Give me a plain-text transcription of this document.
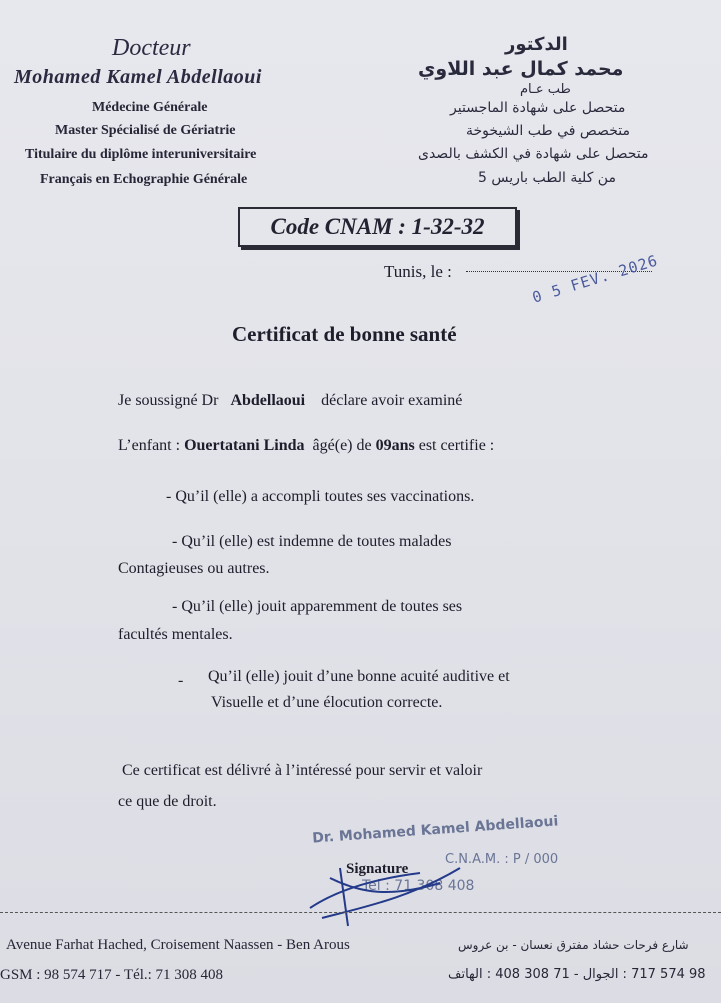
Docteur
Mohamed Kamel Abdellaoui
Médecine Générale
Master Spécialisé de Gériatrie
Titulaire du diplôme interuniversitaire
Français en Echographie Générale
الدكتور
محمد كمال عبد اللاوي
طب عـام
متحصل على شهادة الماجستير
متخصص في طب الشيخوخة
متحصل على شهادة في الكشف بالصدى
من كلية الطب باريس 5
Code CNAM : 1-32-32
Tunis, le :	0 5 FEV. 2026
Certificat de bonne santé
Je soussigné Dr Abdellaoui déclare avoir examiné
L’enfant : Ouertatani Linda âgé(e) de 09ans est certifie :
- Qu’il (elle) a accompli toutes ses vaccinations.
- Qu’il (elle) est indemne de toutes malades
Contagieuses ou autres.
- Qu’il (elle) jouit apparemment de toutes ses
facultés mentales.
- Qu’il (elle) jouit d’une bonne acuité auditive et
Visuelle et d’une élocution correcte.
Ce certificat est délivré à l’intéressé pour servir et valoir
ce que de droit.
Dr. Mohamed Kamel Abdellaoui
C.N.A.M. : P / 000
Tel : 71 308 408
Signature
Avenue Farhat Hached, Croisement Naassen - Ben Arous	شارع فرحات حشاد مفترق نعسان - بن عروس
GSM : 98 574 717 - Tél.: 71 308 408	98 574 717 : الجوال - 71 308 408 : الهاتف
